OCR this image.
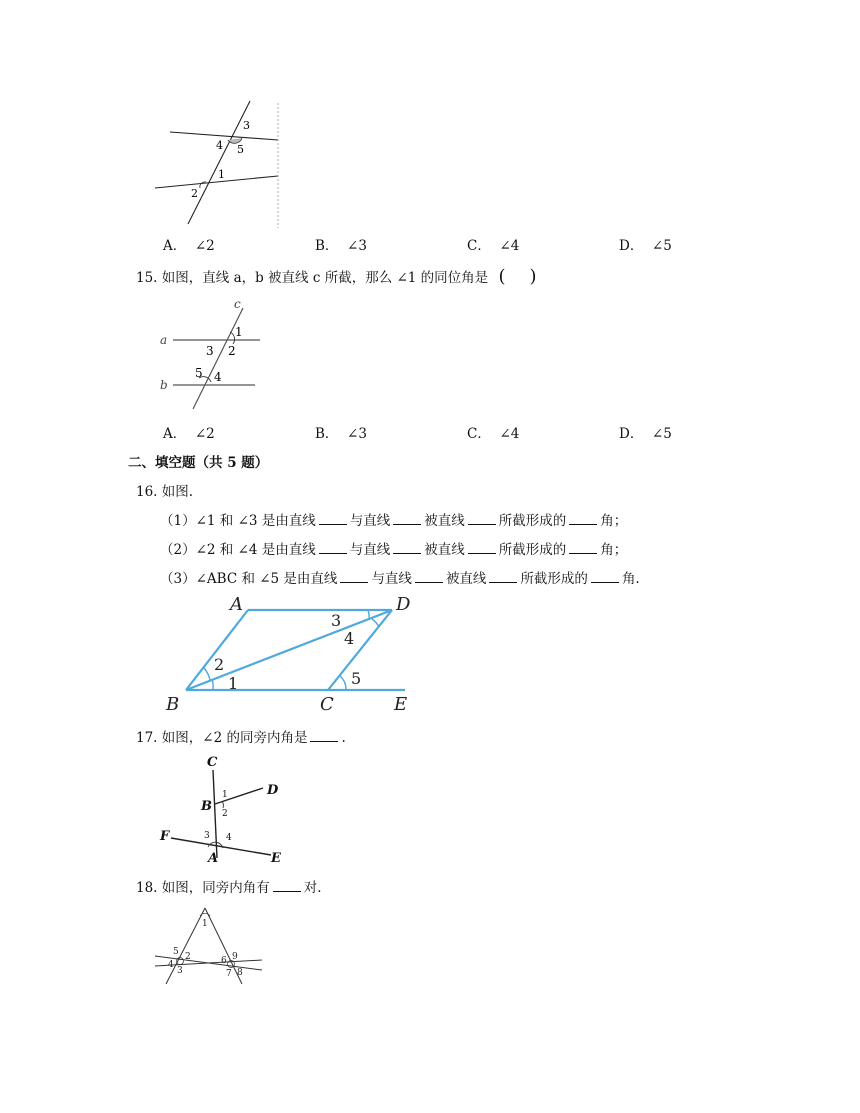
3
4 5
1
2
A． ∠2	B． ∠3	C． ∠4	D． ∠5
15. 如图，直线 a，b 被直线 c 所截，那么 ∠1 的同位角是 ( )
c
a
b
1
2
3
4
5
A． ∠2	B． ∠3	C． ∠4	D． ∠5
二、填空题（共 5 题）
16. 如图.
（1）∠1 和 ∠3 是由直线	与直线	被直线	所截形成的	角；
（2）∠2 和 ∠4 是由直线	与直线	被直线	所截形成的	角；
（3）∠ABC 和 ∠5 是由直线	与直线	被直线	所截形成的	角.
A	D
B	C	E
1
2
3
4
5
17. 如图，∠2 的同旁内角是	.
C
D
B
F
A	E
1
2
3 4
18. 如图，同旁内角有	对.
1
5 2
4
3
6 9
7 8
